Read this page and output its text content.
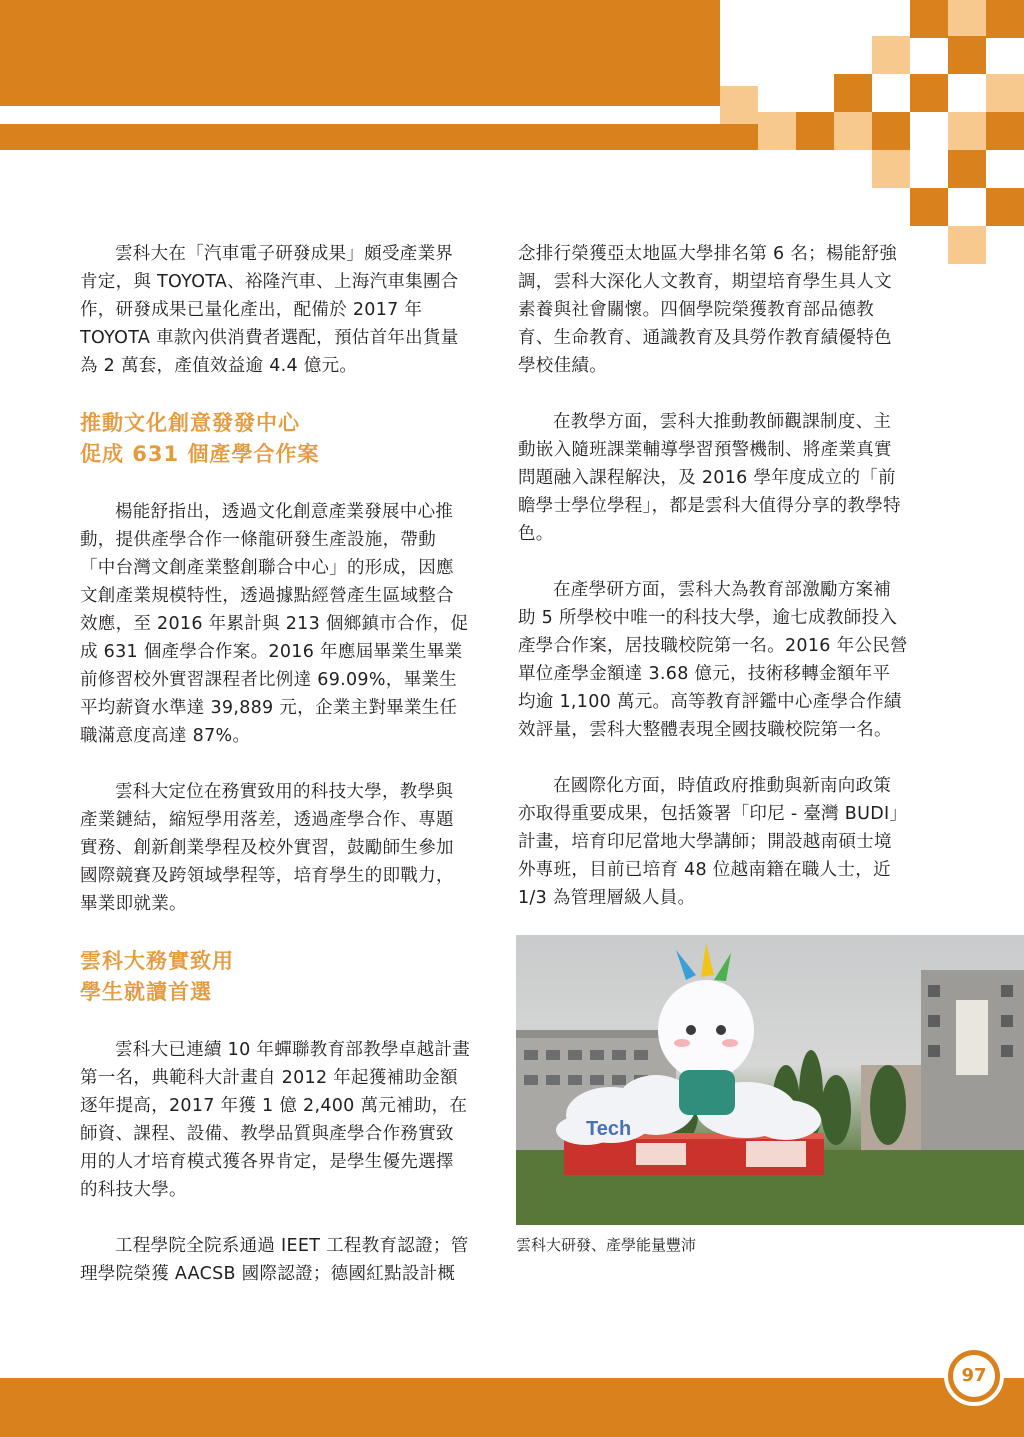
雲科大在「汽車電子研發成果」頗受產業界肯定，與 TOYOTA、裕隆汽車、上海汽車集團合作，研發成果已量化產出，配備於 2017 年 TOYOTA 車款內供消費者選配，預估首年出貨量為 2 萬套，產值效益逾 4.4 億元。

推動文化創意發發中心
促成 631 個產學合作案

楊能舒指出，透過文化創意產業發展中心推動，提供產學合作一條龍研發生產設施，帶動「中台灣文創產業整創聯合中心」的形成，因應文創產業規模特性，透過據點經營產生區域整合效應，至 2016 年累計與 213 個鄉鎮市合作，促成 631 個產學合作案。2016 年應屆畢業生畢業前修習校外實習課程者比例達 69.09%，畢業生平均薪資水準達 39,889 元，企業主對畢業生任職滿意度高達 87%。

雲科大定位在務實致用的科技大學，教學與產業鏈結，縮短學用落差，透過產學合作、專題實務、創新創業學程及校外實習，鼓勵師生參加國際競賽及跨領域學程等，培育學生的即戰力，畢業即就業。

雲科大務實致用
學生就讀首選

雲科大已連續 10 年蟬聯教育部教學卓越計畫第一名，典範科大計畫自 2012 年起獲補助金額逐年提高，2017 年獲 1 億 2,400 萬元補助，在師資、課程、設備、教學品質與產學合作務實致用的人才培育模式獲各界肯定，是學生優先選擇的科技大學。

工程學院全院系通過 IEET 工程教育認證；管理學院榮獲 AACSB 國際認證；德國紅點設計概

念排行榮獲亞太地區大學排名第 6 名；楊能舒強調，雲科大深化人文教育，期望培育學生具人文素養與社會關懷。四個學院榮獲教育部品德教育、生命教育、通識教育及具勞作教育績優特色學校佳績。

在教學方面，雲科大推動教師觀課制度、主動嵌入隨班課業輔導學習預警機制、將產業真實問題融入課程解決，及 2016 學年度成立的「前瞻學士學位學程」，都是雲科大值得分享的教學特色。

在產學研方面，雲科大為教育部激勵方案補助 5 所學校中唯一的科技大學，逾七成教師投入產學合作案，居技職校院第一名。2016 年公民營單位產學金額達 3.68 億元，技術移轉金額年平均逾 1,100 萬元。高等教育評鑑中心產學合作績效評量，雲科大整體表現全國技職校院第一名。

在國際化方面，時值政府推動與新南向政策亦取得重要成果，包括簽署「印尼 - 臺灣 BUDI」計畫，培育印尼當地大學講師；開設越南碩士境外專班，目前已培育 48 位越南籍在職人士，近 1/3 為管理層級人員。

Tech
雲科大研發、產學能量豐沛
97
